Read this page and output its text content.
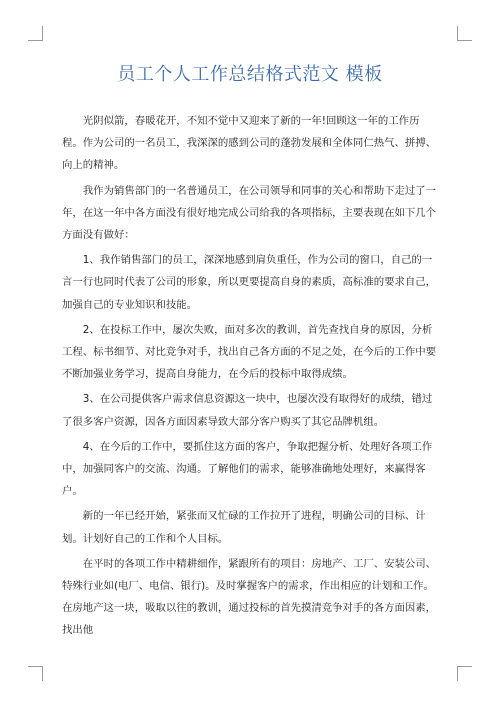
员工个人工作总结格式范文 模板

光阴似箭，春暖花开，不知不觉中又迎来了新的一年!回顾这一年的工作历程。作为公司的一名员工，我深深的感到公司的蓬勃发展和全体同仁热气、拼搏、向上的精神。

我作为销售部门的一名普通员工，在公司领导和同事的关心和帮助下走过了一年，在这一年中各方面没有很好地完成公司给我的各项指标，主要表现在如下几个方面没有做好：

1、我作销售部门的员工，深深地感到肩负重任，作为公司的窗口，自己的一言一行也同时代表了公司的形象，所以更要提高自身的素质，高标准的要求自己，加强自己的专业知识和技能。

2、在投标工作中，屡次失败，面对多次的教训，首先查找自身的原因，分析工程、标书细节、对比竞争对手，找出自己各方面的不足之处，在今后的工作中要不断加强业务学习，提高自身能力，在今后的投标中取得成绩。

3、在公司提供客户需求信息资源这一块中，也屡次没有取得好的成绩，错过了很多客户资源，因各方面因素导致大部分客户购买了其它品牌机组。

4、在今后的工作中，要抓住这方面的客户，争取把握分析、处理好各项工作中，加强同客户的交流、沟通。了解他们的需求，能够准确地处理好，来赢得客户。

新的一年已经开始，紧张而又忙碌的工作拉开了进程，明确公司的目标、计划。计划好自己的工作和个人目标。

在平时的各项工作中精耕细作，紧跟所有的项目：房地产、工厂、安装公司、特殊行业如(电厂、电信、银行)。及时掌握客户的需求，作出相应的计划和工作。在房地产这一块，吸取以往的教训，通过投标的首先摸清竞争对手的各方面因素，找出他
